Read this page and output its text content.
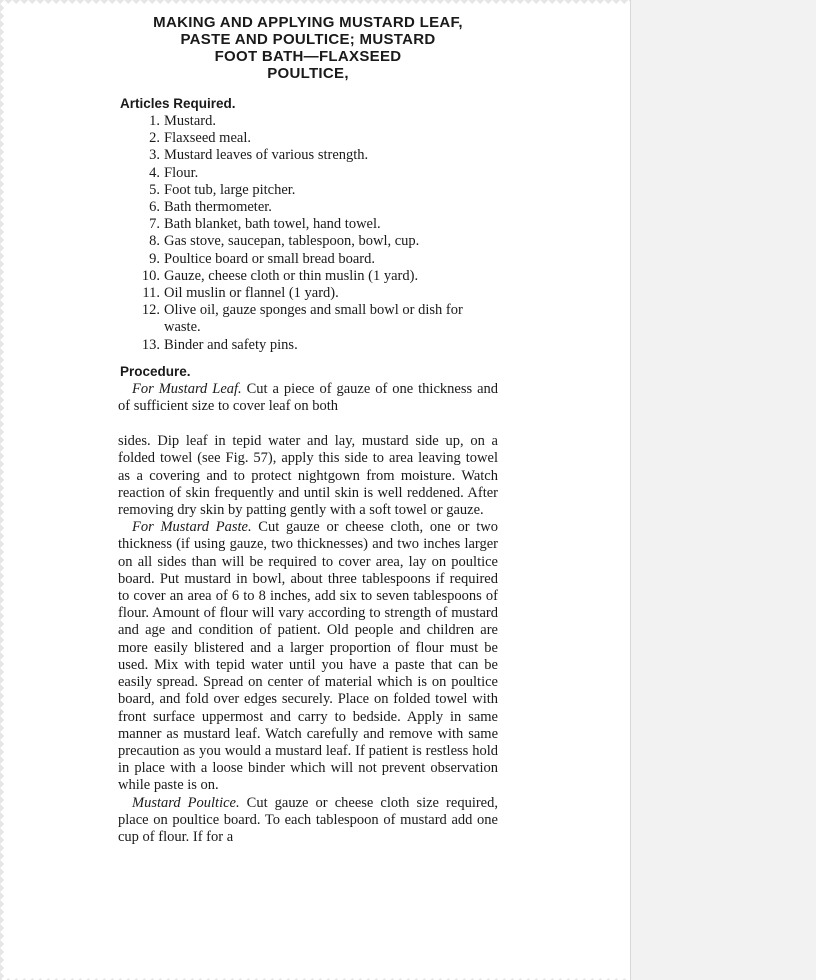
MAKING AND APPLYING MUSTARD LEAF,
PASTE AND POULTICE; MUSTARD
FOOT BATH—FLAXSEED
POULTICE,
Articles Required.
1. Mustard.
2. Flaxseed meal.
3. Mustard leaves of various strength.
4. Flour.
5. Foot tub, large pitcher.
6. Bath thermometer.
7. Bath blanket, bath towel, hand towel.
8. Gas stove, saucepan, tablespoon, bowl, cup.
9. Poultice board or small bread board.
10. Gauze, cheese cloth or thin muslin (1 yard).
11. Oil muslin or flannel (1 yard).
12. Olive oil, gauze sponges and small bowl or dish for waste.
13. Binder and safety pins.
Procedure.

For Mustard Leaf. Cut a piece of gauze of one thickness and of sufficient size to cover leaf on both

sides. Dip leaf in tepid water and lay, mustard side up, on a folded towel (see Fig. 57), apply this side to area leaving towel as a covering and to protect nightgown from moisture. Watch reaction of skin frequently and until skin is well reddened. After removing dry skin by patting gently with a soft towel or gauze.

For Mustard Paste. Cut gauze or cheese cloth, one or two thickness (if using gauze, two thicknesses) and two inches larger on all sides than will be required to cover area, lay on poultice board. Put mustard in bowl, about three tablespoons if required to cover an area of 6 to 8 inches, add six to seven tablespoons of flour. Amount of flour will vary according to strength of mustard and age and condition of patient. Old people and children are more easily blistered and a larger proportion of flour must be used. Mix with tepid water until you have a paste that can be easily spread. Spread on center of material which is on poultice board, and fold over edges securely. Place on folded towel with front surface uppermost and carry to bedside. Apply in same manner as mustard leaf. Watch carefully and remove with same precaution as you would a mustard leaf. If patient is restless hold in place with a loose binder which will not prevent observation while paste is on.

Mustard Poultice. Cut gauze or cheese cloth size required, place on poultice board. To each tablespoon of mustard add one cup of flour. If for a
